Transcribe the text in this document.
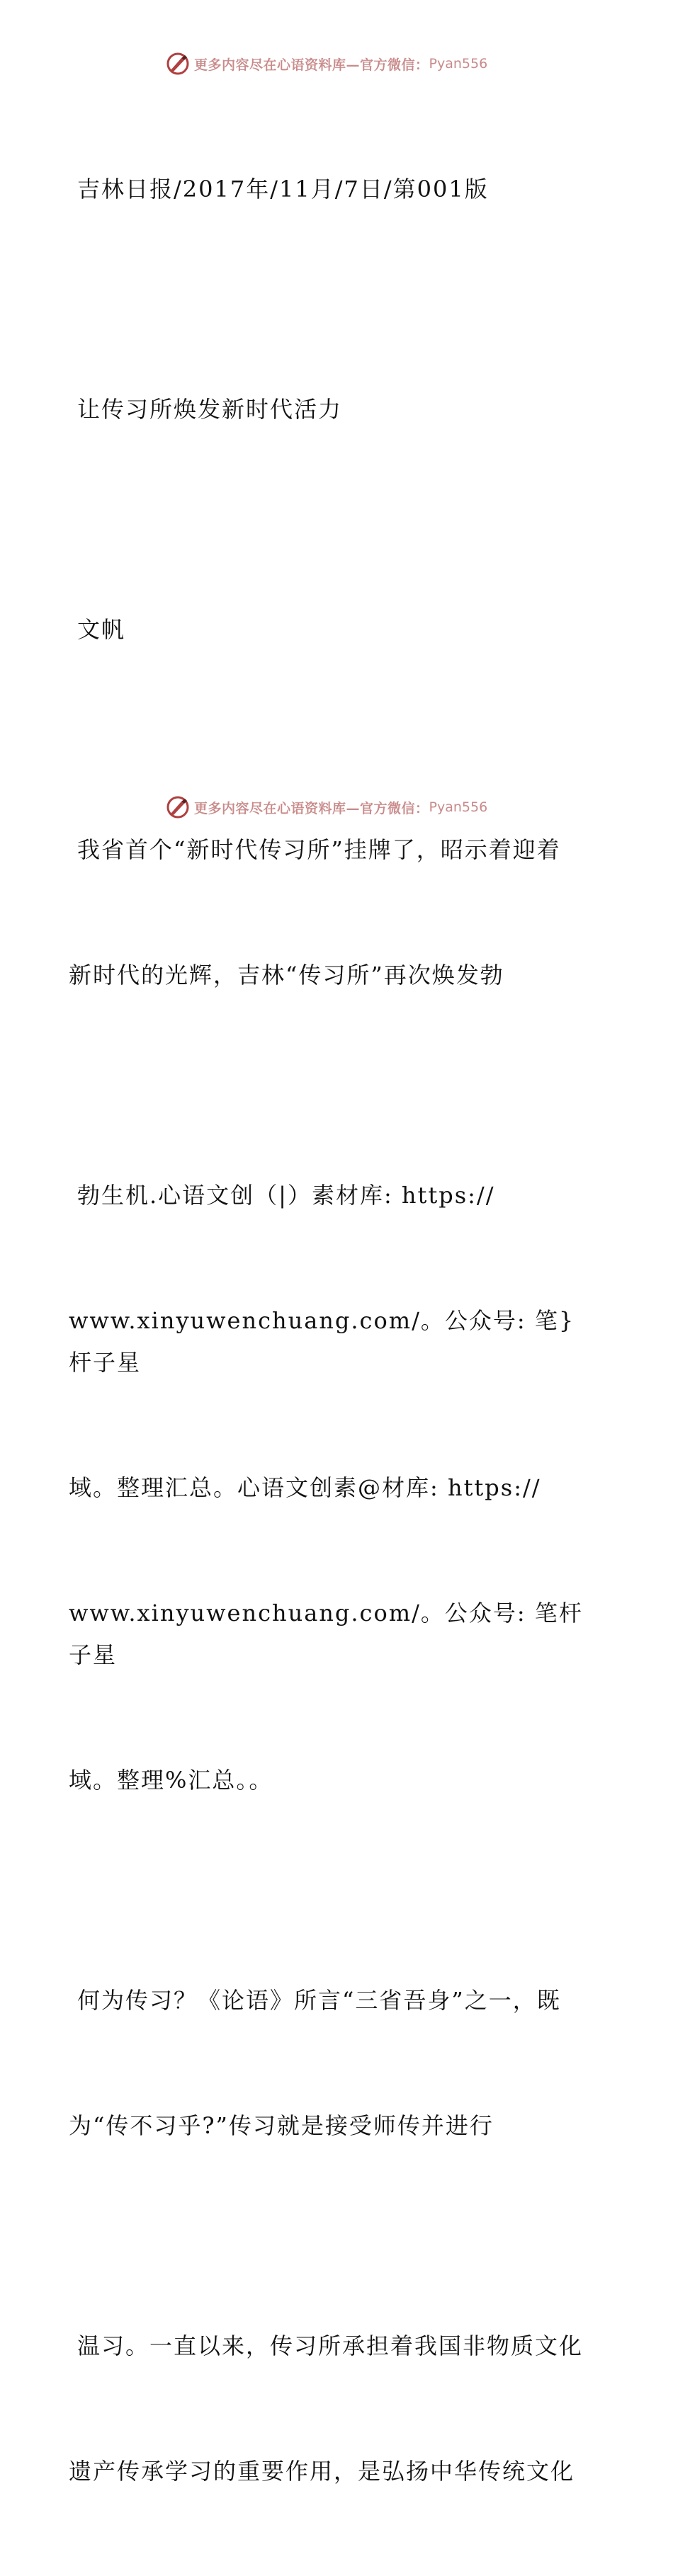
更多内容尽在心语资料库—官方微信： Pyan556

吉林日报/2017年/11月/7日/第001版

让传习所焕发新时代活力

文帆

我省首个“新时代传习所”挂牌了，昭示着迎着

新时代的光辉，吉林“传习所”再次焕发勃

勃生机.心语文创（|）素材库: https://

www.xinyuwenchuang.com/。公众号: 笔}杆子星

域。整理汇总。心语文创素@材库: https://

www.xinyuwenchuang.com/。公众号: 笔杆子星

域。整理%汇总。。

何为传习？《论语》所言“三省吾身”之一，既

为“传不习乎?”传习就是接受师传并进行

温习。一直以来，传习所承担着我国非物质文化

遗产传承学习的重要作用，是弘扬中华传统文化

更多内容尽在心语资料库—官方微信： Pyan556
